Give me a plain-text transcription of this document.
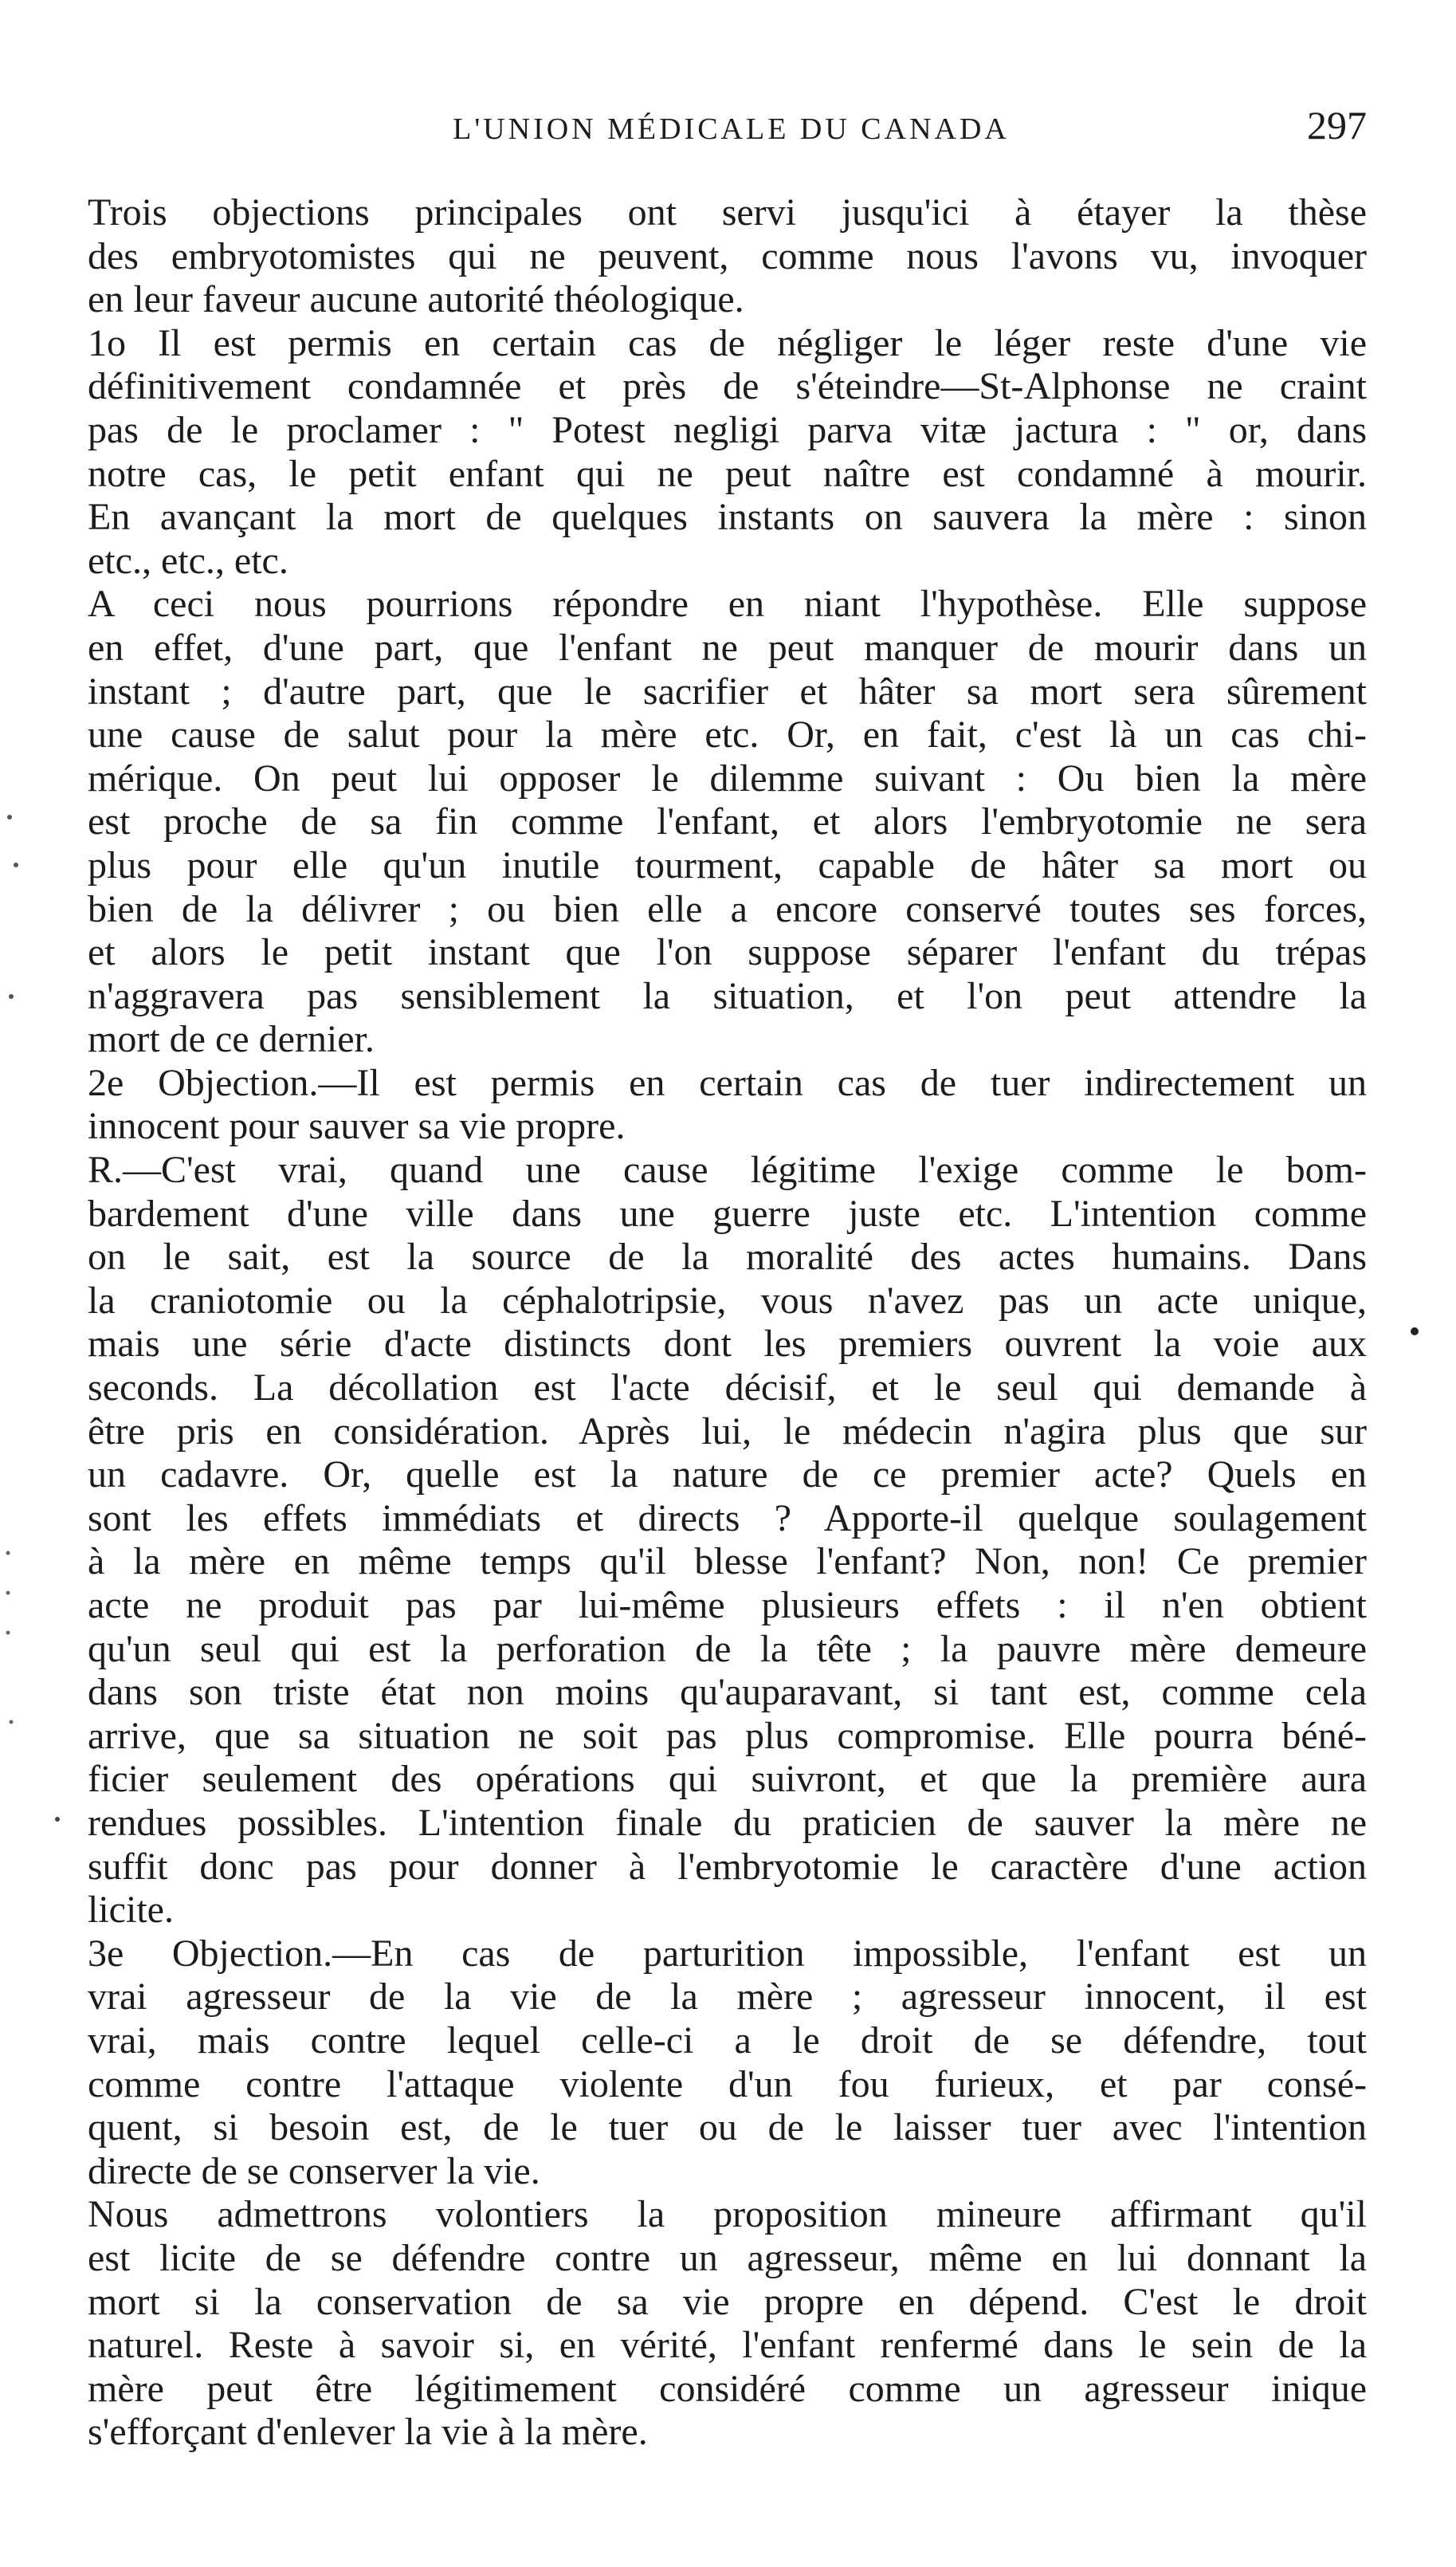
L'UNION MÉDICALE DU CANADA	297
Trois objections principales ont servi jusqu'ici à étayer la thèse
des embryotomistes qui ne peuvent, comme nous l'avons vu, invoquer
en leur faveur aucune autorité théologique.
1o Il est permis en certain cas de négliger le léger reste d'une vie
définitivement condamnée et près de s'éteindre—St-Alphonse ne craint
pas de le proclamer : " Potest negligi parva vitæ jactura : " or, dans
notre cas, le petit enfant qui ne peut naître est condamné à mourir.
En avançant la mort de quelques instants on sauvera la mère : sinon
etc., etc., etc.
A ceci nous pourrions répondre en niant l'hypothèse. Elle suppose
en effet, d'une part, que l'enfant ne peut manquer de mourir dans un
instant ; d'autre part, que le sacrifier et hâter sa mort sera sûrement
une cause de salut pour la mère etc. Or, en fait, c'est là un cas chi-
mérique. On peut lui opposer le dilemme suivant : Ou bien la mère
est proche de sa fin comme l'enfant, et alors l'embryotomie ne sera
plus pour elle qu'un inutile tourment, capable de hâter sa mort ou
bien de la délivrer ; ou bien elle a encore conservé toutes ses forces,
et alors le petit instant que l'on suppose séparer l'enfant du trépas
n'aggravera pas sensiblement la situation, et l'on peut attendre la
mort de ce dernier.
2e Objection.—Il est permis en certain cas de tuer indirectement un
innocent pour sauver sa vie propre.
R.—C'est vrai, quand une cause légitime l'exige comme le bom-
bardement d'une ville dans une guerre juste etc. L'intention comme
on le sait, est la source de la moralité des actes humains. Dans
la craniotomie ou la céphalotripsie, vous n'avez pas un acte unique,
mais une série d'acte distincts dont les premiers ouvrent la voie aux
seconds. La décollation est l'acte décisif, et le seul qui demande à
être pris en considération. Après lui, le médecin n'agira plus que sur
un cadavre. Or, quelle est la nature de ce premier acte? Quels en
sont les effets immédiats et directs ? Apporte-il quelque soulagement
à la mère en même temps qu'il blesse l'enfant? Non, non! Ce premier
acte ne produit pas par lui-même plusieurs effets : il n'en obtient
qu'un seul qui est la perforation de la tête ; la pauvre mère demeure
dans son triste état non moins qu'auparavant, si tant est, comme cela
arrive, que sa situation ne soit pas plus compromise. Elle pourra béné-
ficier seulement des opérations qui suivront, et que la première aura
rendues possibles. L'intention finale du praticien de sauver la mère ne
suffit donc pas pour donner à l'embryotomie le caractère d'une action
licite.
3e Objection.—En cas de parturition impossible, l'enfant est un
vrai agresseur de la vie de la mère ; agresseur innocent, il est
vrai, mais contre lequel celle-ci a le droit de se défendre, tout
comme contre l'attaque violente d'un fou furieux, et par consé-
quent, si besoin est, de le tuer ou de le laisser tuer avec l'intention
directe de se conserver la vie.
Nous admettrons volontiers la proposition mineure affirmant qu'il
est licite de se défendre contre un agresseur, même en lui donnant la
mort si la conservation de sa vie propre en dépend. C'est le droit
naturel. Reste à savoir si, en vérité, l'enfant renfermé dans le sein de la
mère peut être légitimement considéré comme un agresseur inique
s'efforçant d'enlever la vie à la mère.
